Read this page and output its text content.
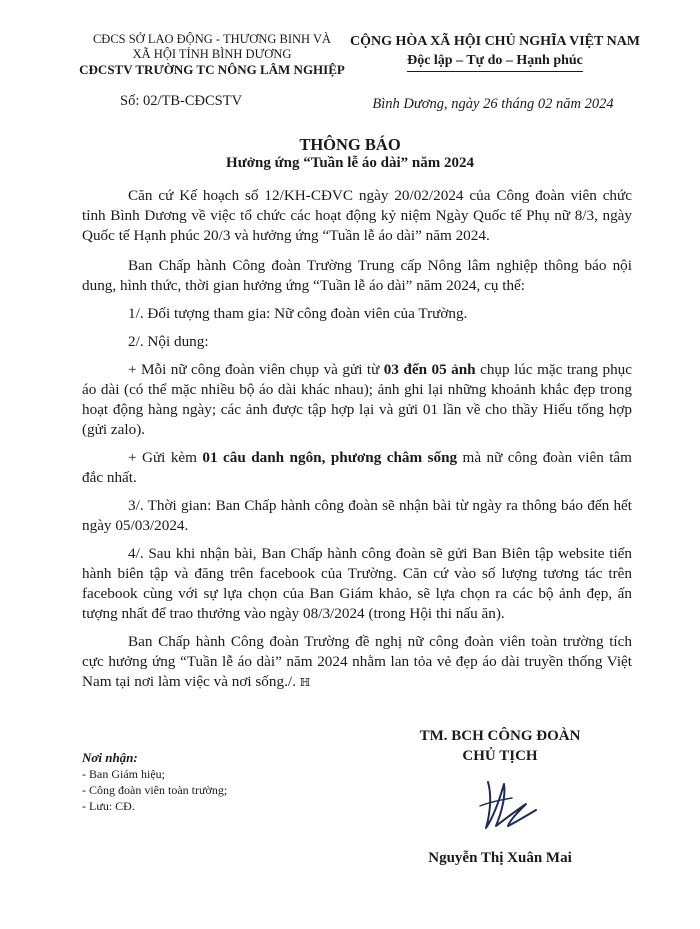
CĐCS SỞ LAO ĐỘNG - THƯƠNG BINH VÀ
XÃ HỘI TỈNH BÌNH DƯƠNG
CĐCSTV TRƯỜNG TC NÔNG LÂM NGHIỆP
CỘNG HÒA XÃ HỘI CHỦ NGHĨA VIỆT NAM
Độc lập – Tự do – Hạnh phúc
Số: 02/TB-CĐCSTV	Bình Dương, ngày 26 tháng 02 năm 2024
THÔNG BÁO
Hưởng ứng “Tuần lễ áo dài” năm 2024

Căn cứ Kế hoạch số 12/KH-CĐVC ngày 20/02/2024 của Công đoàn viên chức tỉnh Bình Dương về việc tổ chức các hoạt động kỷ niệm Ngày Quốc tế Phụ nữ 8/3, ngày Quốc tế Hạnh phúc 20/3 và hưởng ứng “Tuần lễ áo dài” năm 2024.

Ban Chấp hành Công đoàn Trường Trung cấp Nông lâm nghiệp thông báo nội dung, hình thức, thời gian hưởng ứng “Tuần lễ áo dài” năm 2024, cụ thể:

1/. Đối tượng tham gia: Nữ công đoàn viên của Trường.

2/. Nội dung:

+ Mỗi nữ công đoàn viên chụp và gửi từ 03 đến 05 ảnh chụp lúc mặc trang phục áo dài (có thể mặc nhiều bộ áo dài khác nhau); ảnh ghi lại những khoảnh khắc đẹp trong hoạt động hàng ngày; các ảnh được tập hợp lại và gửi 01 lần về cho thầy Hiếu tổng hợp (gửi zalo).

+ Gửi kèm 01 câu danh ngôn, phương châm sống mà nữ công đoàn viên tâm đắc nhất.

3/. Thời gian: Ban Chấp hành công đoàn sẽ nhận bài từ ngày ra thông báo đến hết ngày 05/03/2024.

4/. Sau khi nhận bài, Ban Chấp hành công đoàn sẽ gửi Ban Biên tập website tiến hành biên tập và đăng trên facebook của Trường. Căn cứ vào số lượng tương tác trên facebook cùng với sự lựa chọn của Ban Giám khảo, sẽ lựa chọn ra các bộ ảnh đẹp, ấn tượng nhất để trao thưởng vào ngày 08/3/2024 (trong Hội thi nấu ăn).

Ban Chấp hành Công đoàn Trường đề nghị nữ công đoàn viên toàn trường tích cực hưởng ứng “Tuần lễ áo dài” năm 2024 nhằm lan tỏa vẻ đẹp áo dài truyền thống Việt Nam tại nơi làm việc và nơi sống./. ℍ

TM. BCH CÔNG ĐOÀN
CHỦ TỊCH
Nguyễn Thị Xuân Mai
Nơi nhận:
- Ban Giám hiệu;
- Công đoàn viên toàn trường;
- Lưu: CĐ.
